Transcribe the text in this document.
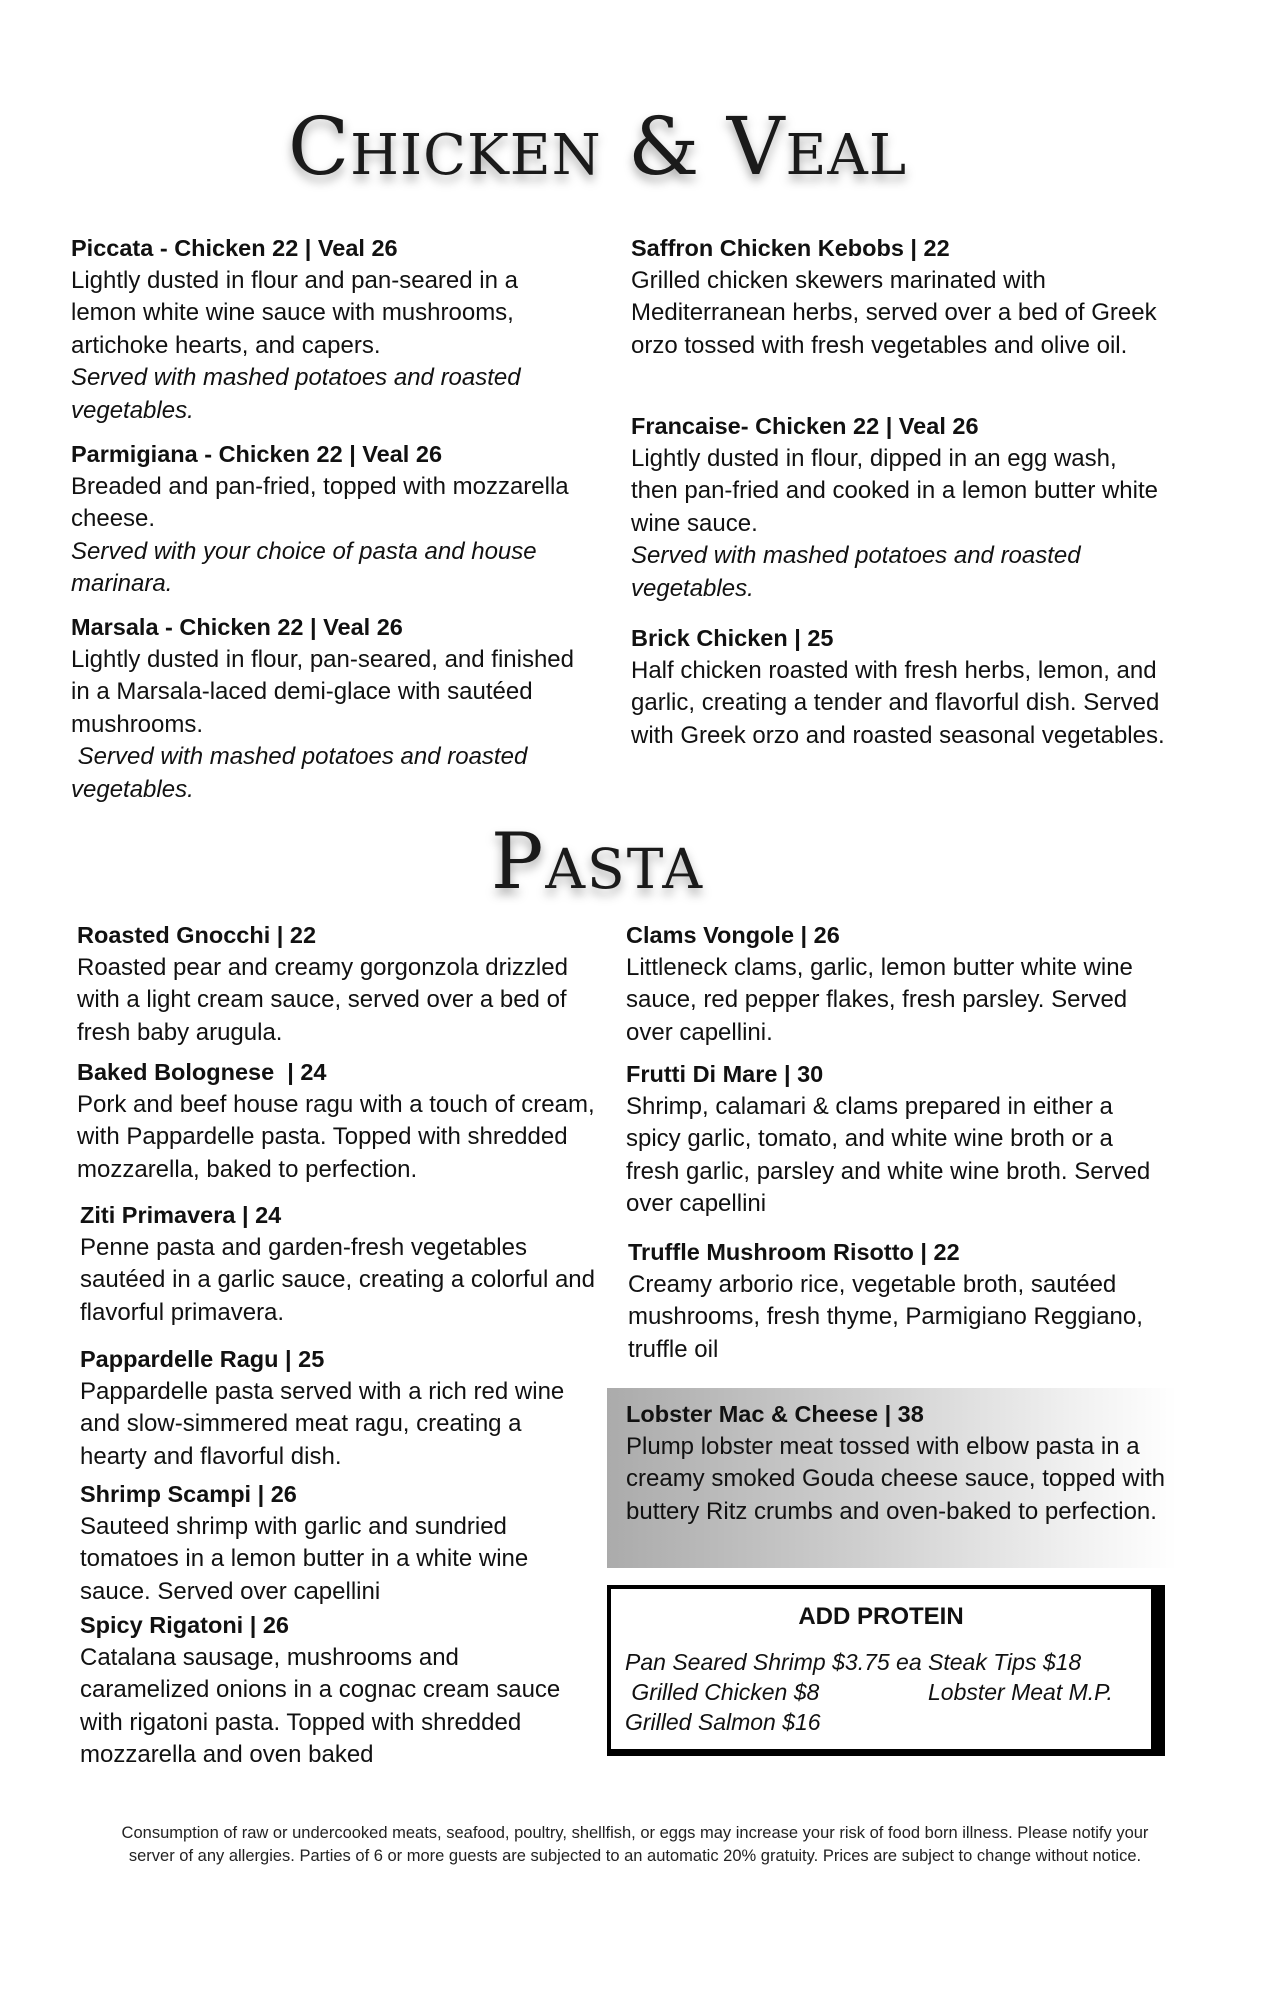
Chicken & Veal
Piccata - Chicken 22 | Veal 26
Lightly dusted in flour and pan-seared in a lemon white wine sauce with mushrooms, artichoke hearts, and capers.
Served with mashed potatoes and roasted vegetables.
Parmigiana - Chicken 22 | Veal 26
Breaded and pan-fried, topped with mozzarella cheese.
Served with your choice of pasta and house marinara.
Marsala - Chicken 22 | Veal 26
Lightly dusted in flour, pan-seared, and finished in a Marsala-laced demi-glace with sautéed mushrooms.
Served with mashed potatoes and roasted vegetables.
Saffron Chicken Kebobs | 22
Grilled chicken skewers marinated with Mediterranean herbs, served over a bed of Greek orzo tossed with fresh vegetables and olive oil.
Francaise- Chicken 22 | Veal 26
Lightly dusted in flour, dipped in an egg wash, then pan-fried and cooked in a lemon butter white wine sauce.
Served with mashed potatoes and roasted vegetables.
Brick Chicken | 25
Half chicken roasted with fresh herbs, lemon, and garlic, creating a tender and flavorful dish. Served with Greek orzo and roasted seasonal vegetables.
Pasta
Roasted Gnocchi | 22
Roasted pear and creamy gorgonzola drizzled with a light cream sauce, served over a bed of fresh baby arugula.
Baked Bolognese  | 24
Pork and beef house ragu with a touch of cream, with Pappardelle pasta. Topped with shredded mozzarella, baked to perfection.
Ziti Primavera | 24
Penne pasta and garden-fresh vegetables sautéed in a garlic sauce, creating a colorful and flavorful primavera.
Pappardelle Ragu | 25
Pappardelle pasta served with a rich red wine and slow-simmered meat ragu, creating a hearty and flavorful dish.
Shrimp Scampi | 26
Sauteed shrimp with garlic and sundried tomatoes in a lemon butter in a white wine sauce. Served over capellini
Spicy Rigatoni | 26
Catalana sausage, mushrooms and caramelized onions in a cognac cream sauce with rigatoni pasta. Topped with shredded mozzarella and oven baked
Clams Vongole | 26
Littleneck clams, garlic, lemon butter white wine sauce, red pepper flakes, fresh parsley. Served over capellini.
Frutti Di Mare | 30
Shrimp, calamari & clams prepared in either a spicy garlic, tomato, and white wine broth or a fresh garlic, parsley and white wine broth. Served over capellini
Truffle Mushroom Risotto | 22
Creamy arborio rice, vegetable broth, sautéed mushrooms, fresh thyme, Parmigiano Reggiano, truffle oil
Lobster Mac & Cheese | 38
Plump lobster meat tossed with elbow pasta in a creamy smoked Gouda cheese sauce, topped with buttery Ritz crumbs and oven-baked to perfection.
ADD PROTEIN
Pan Seared Shrimp $3.75 ea
Grilled Chicken $8
Grilled Salmon $16
Steak Tips $18
Lobster Meat M.P.
Consumption of raw or undercooked meats, seafood, poultry, shellfish, or eggs may increase your risk of food born illness. Please notify your server of any allergies. Parties of 6 or more guests are subjected to an automatic 20% gratuity. Prices are subject to change without notice.
